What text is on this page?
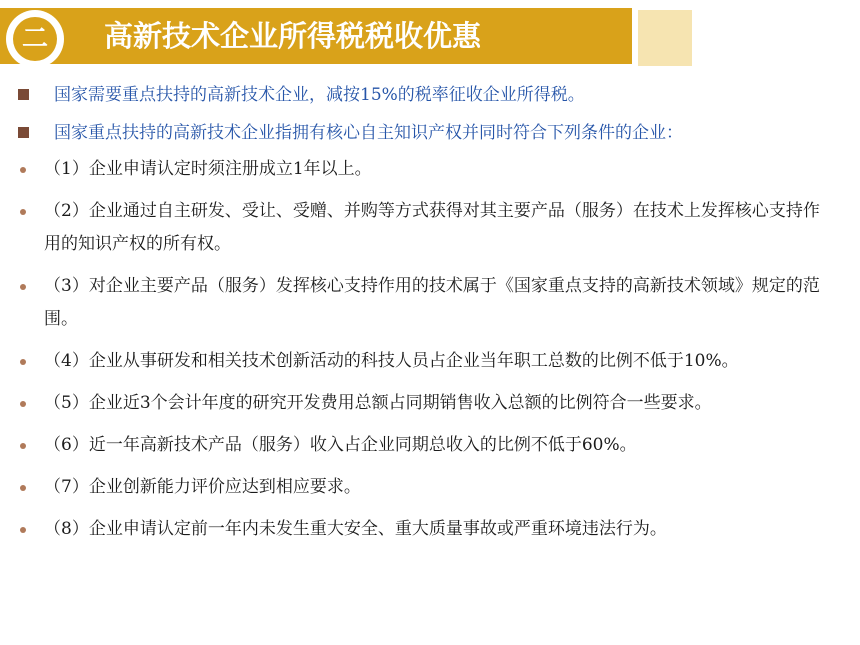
二	高新技术企业所得税税收优惠
国家需要重点扶持的高新技术企业，减按15%的税率征收企业所得税。
国家重点扶持的高新技术企业指拥有核心自主知识产权并同时符合下列条件的企业：
（1）企业申请认定时须注册成立1年以上。
（2）企业通过自主研发、受让、受赠、并购等方式获得对其主要产品（服务）在技术上发挥核心支持作用的知识产权的所有权。
（3）对企业主要产品（服务）发挥核心支持作用的技术属于《国家重点支持的高新技术领域》规定的范围。
（4）企业从事研发和相关技术创新活动的科技人员占企业当年职工总数的比例不低于10%。
（5）企业近3个会计年度的研究开发费用总额占同期销售收入总额的比例符合一些要求。
（6）近一年高新技术产品（服务）收入占企业同期总收入的比例不低于60%。
（7）企业创新能力评价应达到相应要求。
（8）企业申请认定前一年内未发生重大安全、重大质量事故或严重环境违法行为。
